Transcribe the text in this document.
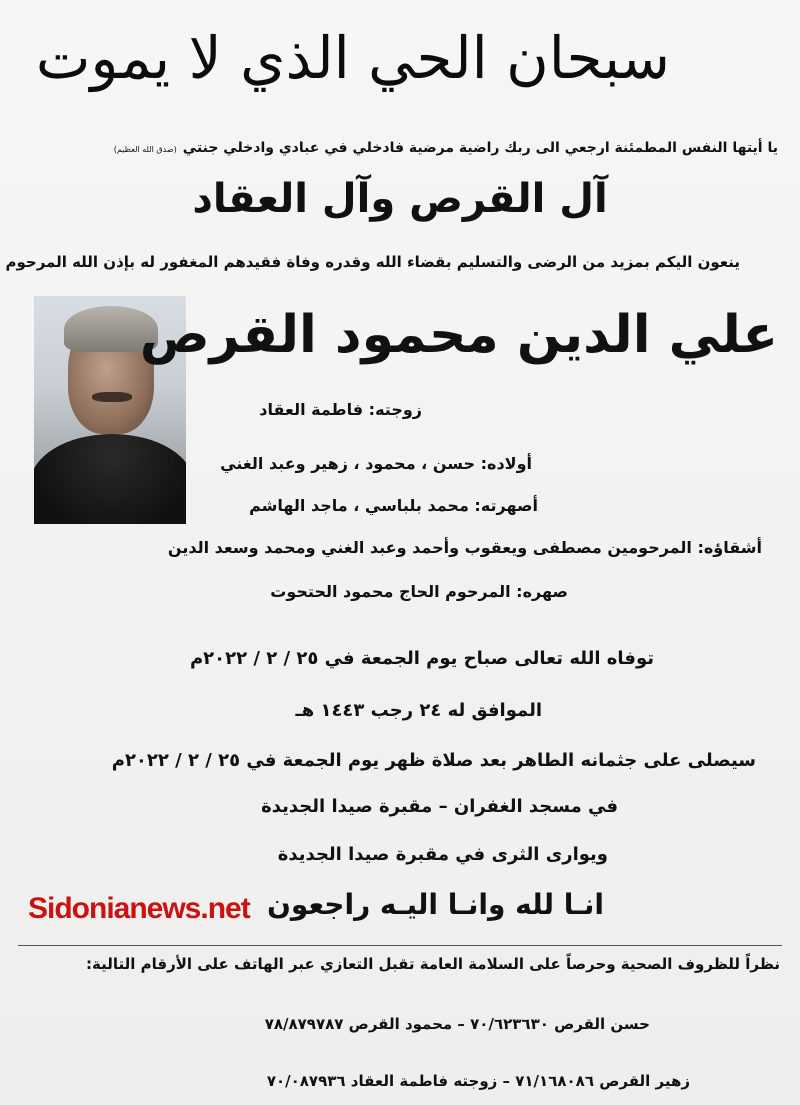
سبحان الحي الذي لا يموت
يا أيتها النفس المطمئنة ارجعي الى ربك راضية مرضية فادخلي في عبادي وادخلي جنتي(صدق الله العظيم)
آل القرص وآل العقاد
ينعون اليكم بمزيد من الرضى والتسليم بقضاء الله وقدره وفاة فقيدهم المغفور له بإذن الله المرحوم
علي الدين محمود القرص
زوجته: فاطمة العقاد
أولاده: حسن ، محمود ، زهير وعبد الغني
أصهرته: محمد بلباسي ، ماجد الهاشم
أشقاؤه: المرحومين مصطفى ويعقوب وأحمد وعبد الغني ومحمد وسعد الدين
صهره: المرحوم الحاج محمود الحتحوت
توفاه الله تعالى صباح يوم الجمعة في ٢٥ / ٢ / ٢٠٢٢م
الموافق له ٢٤ رجب ١٤٤٣ هـ
سيصلى على جثمانه الطاهر بعد صلاة ظهر يوم الجمعة في ٢٥ / ٢ / ٢٠٢٢م
في مسجد الغفران – مقبرة صيدا الجديدة
ويوارى الثرى في مقبرة صيدا الجديدة
Sidonianews.net انـا لله وانـا اليـه راجعون
نظراً للظروف الصحية وحرصاً على السلامة العامة تقبل التعازي عبر الهاتف على الأرقام التالية:
حسن القرص ٧٠/٦٢٣٦٣٠ – محمود القرص ٧٨/٨٧٩٧٨٧
زهير القرص ٧١/١٦٨٠٨٦ – زوجته فاطمة العقاد ٧٠/٠٨٧٩٣٦
